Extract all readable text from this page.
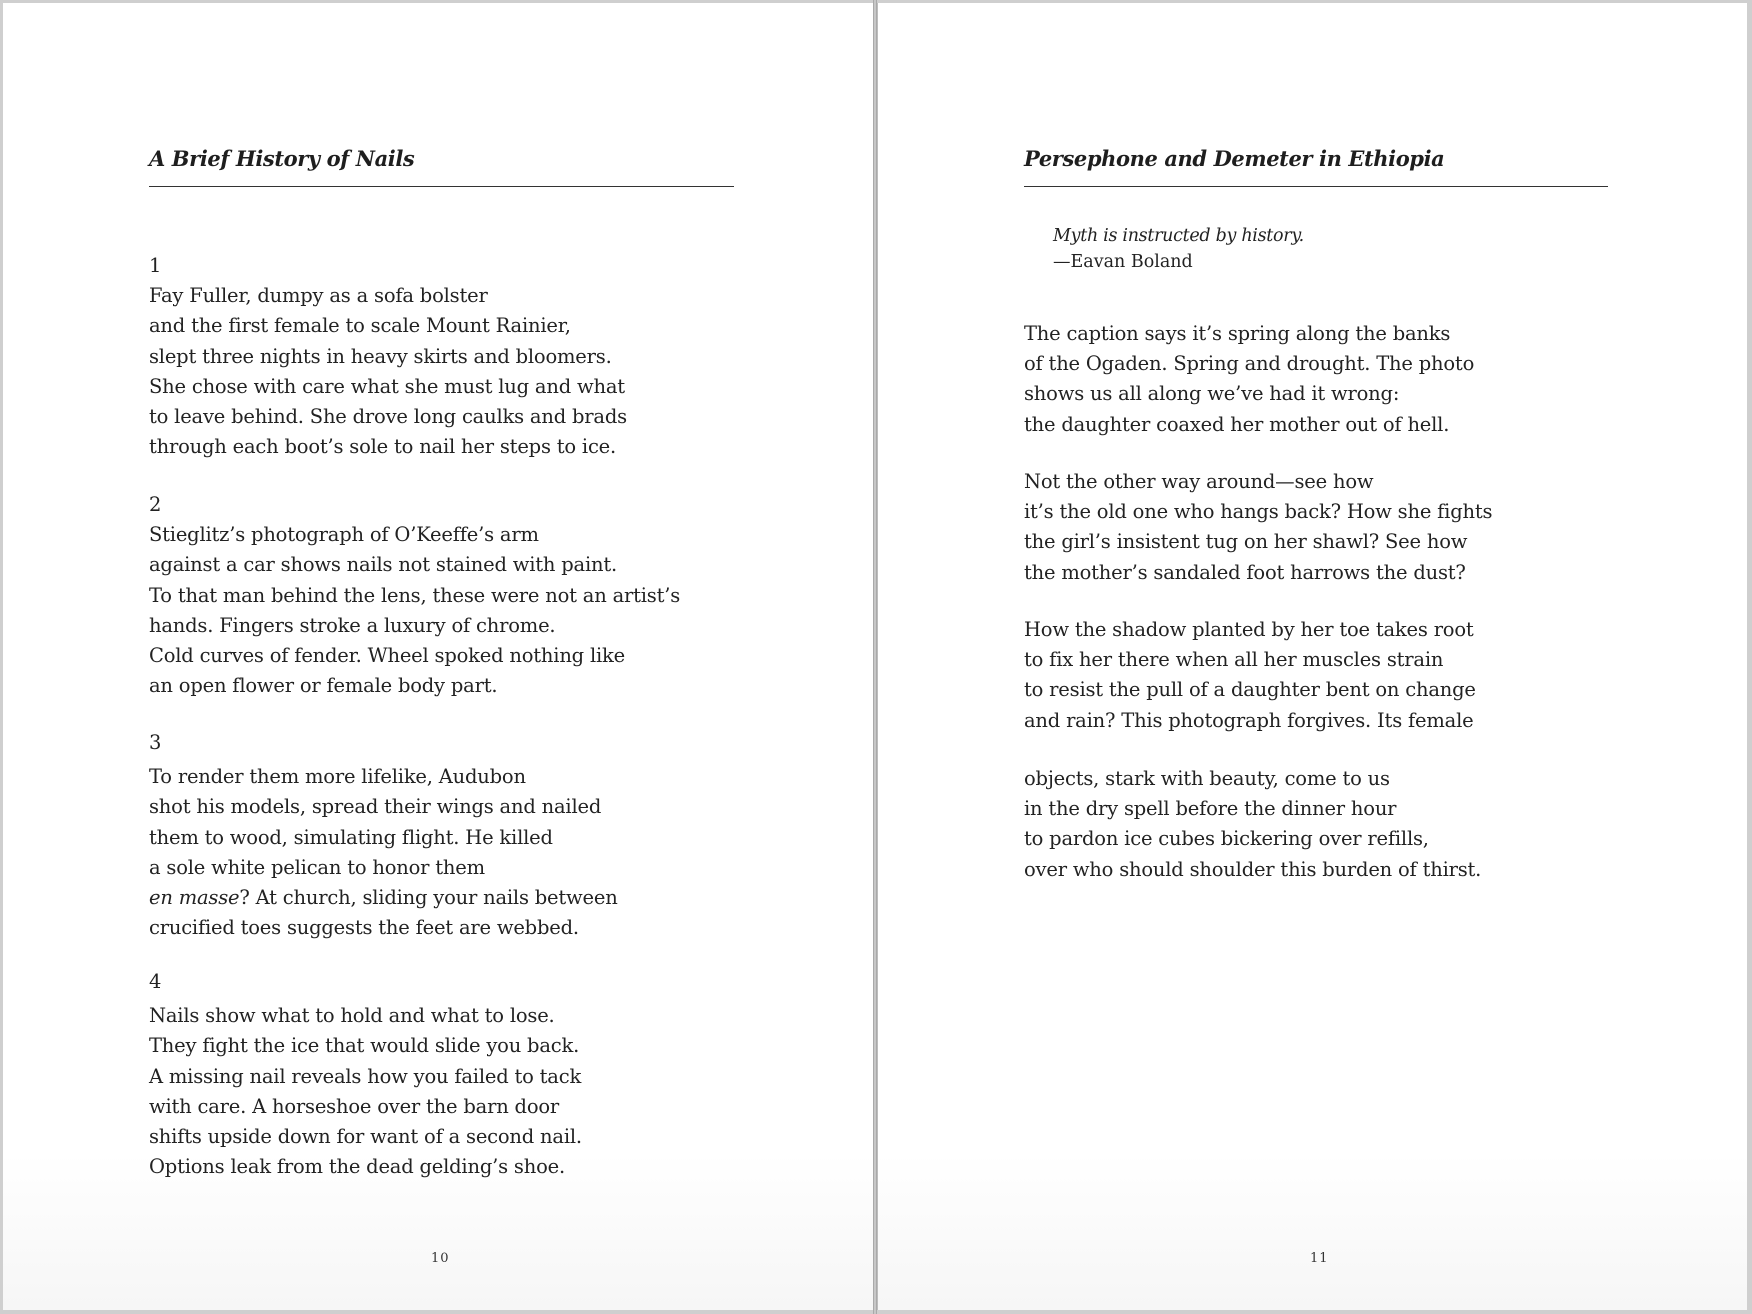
A Brief History of Nails
1
Fay Fuller, dumpy as a sofa bolster
and the first female to scale Mount Rainier,
slept three nights in heavy skirts and bloomers.
She chose with care what she must lug and what
to leave behind. She drove long caulks and brads
through each boot’s sole to nail her steps to ice.
2
Stieglitz’s photograph of O’Keeffe’s arm
against a car shows nails not stained with paint.
To that man behind the lens, these were not an artist’s
hands. Fingers stroke a luxury of chrome.
Cold curves of fender. Wheel spoked nothing like
an open flower or female body part.
3
To render them more lifelike, Audubon
shot his models, spread their wings and nailed
them to wood, simulating flight. He killed
a sole white pelican to honor them
en masse? At church, sliding your nails between
crucified toes suggests the feet are webbed.
4
Nails show what to hold and what to lose.
They fight the ice that would slide you back.
A missing nail reveals how you failed to tack
with care. A horseshoe over the barn door
shifts upside down for want of a second nail.
Options leak from the dead gelding’s shoe.
10
Persephone and Demeter in Ethiopia
Myth is instructed by history.
—Eavan Boland
The caption says it’s spring along the banks
of the Ogaden. Spring and drought. The photo
shows us all along we’ve had it wrong:
the daughter coaxed her mother out of hell.
Not the other way around—see how
it’s the old one who hangs back? How she fights
the girl’s insistent tug on her shawl? See how
the mother’s sandaled foot harrows the dust?
How the shadow planted by her toe takes root
to fix her there when all her muscles strain
to resist the pull of a daughter bent on change
and rain? This photograph forgives. Its female
objects, stark with beauty, come to us
in the dry spell before the dinner hour
to pardon ice cubes bickering over refills,
over who should shoulder this burden of thirst.
11
